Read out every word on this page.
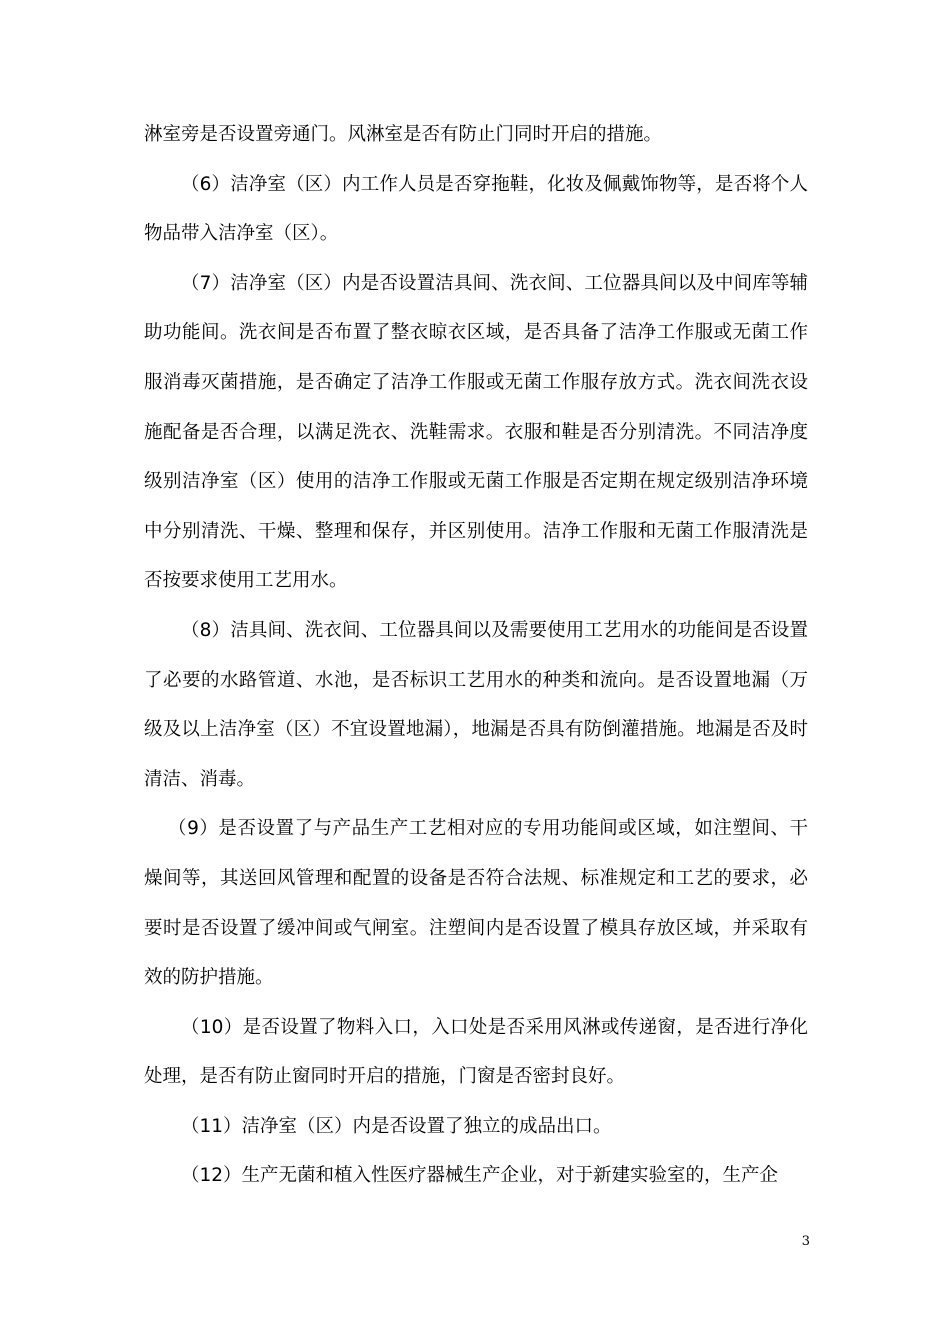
淋室旁是否设置旁通门。风淋室是否有防止门同时开启的措施。

（6）洁净室（区）内工作人员是否穿拖鞋，化妆及佩戴饰物等，是否将个人物品带入洁净室（区）。

（7）洁净室（区）内是否设置洁具间、洗衣间、工位器具间以及中间库等辅助功能间。洗衣间是否布置了整衣晾衣区域，是否具备了洁净工作服或无菌工作服消毒灭菌措施，是否确定了洁净工作服或无菌工作服存放方式。洗衣间洗衣设施配备是否合理，以满足洗衣、洗鞋需求。衣服和鞋是否分别清洗。不同洁净度级别洁净室（区）使用的洁净工作服或无菌工作服是否定期在规定级别洁净环境中分别清洗、干燥、整理和保存，并区别使用。洁净工作服和无菌工作服清洗是否按要求使用工艺用水。

（8）洁具间、洗衣间、工位器具间以及需要使用工艺用水的功能间是否设置了必要的水路管道、水池，是否标识工艺用水的种类和流向。是否设置地漏（万级及以上洁净室（区）不宜设置地漏），地漏是否具有防倒灌措施。地漏是否及时清洁、消毒。

（9）是否设置了与产品生产工艺相对应的专用功能间或区域，如注塑间、干燥间等，其送回风管理和配置的设备是否符合法规、标准规定和工艺的要求，必要时是否设置了缓冲间或气闸室。注塑间内是否设置了模具存放区域，并采取有效的防护措施。

（10）是否设置了物料入口，入口处是否采用风淋或传递窗，是否进行净化处理，是否有防止窗同时开启的措施，门窗是否密封良好。

（11）洁净室（区）内是否设置了独立的成品出口。

（12）生产无菌和植入性医疗器械生产企业，对于新建实验室的，生产企

3
